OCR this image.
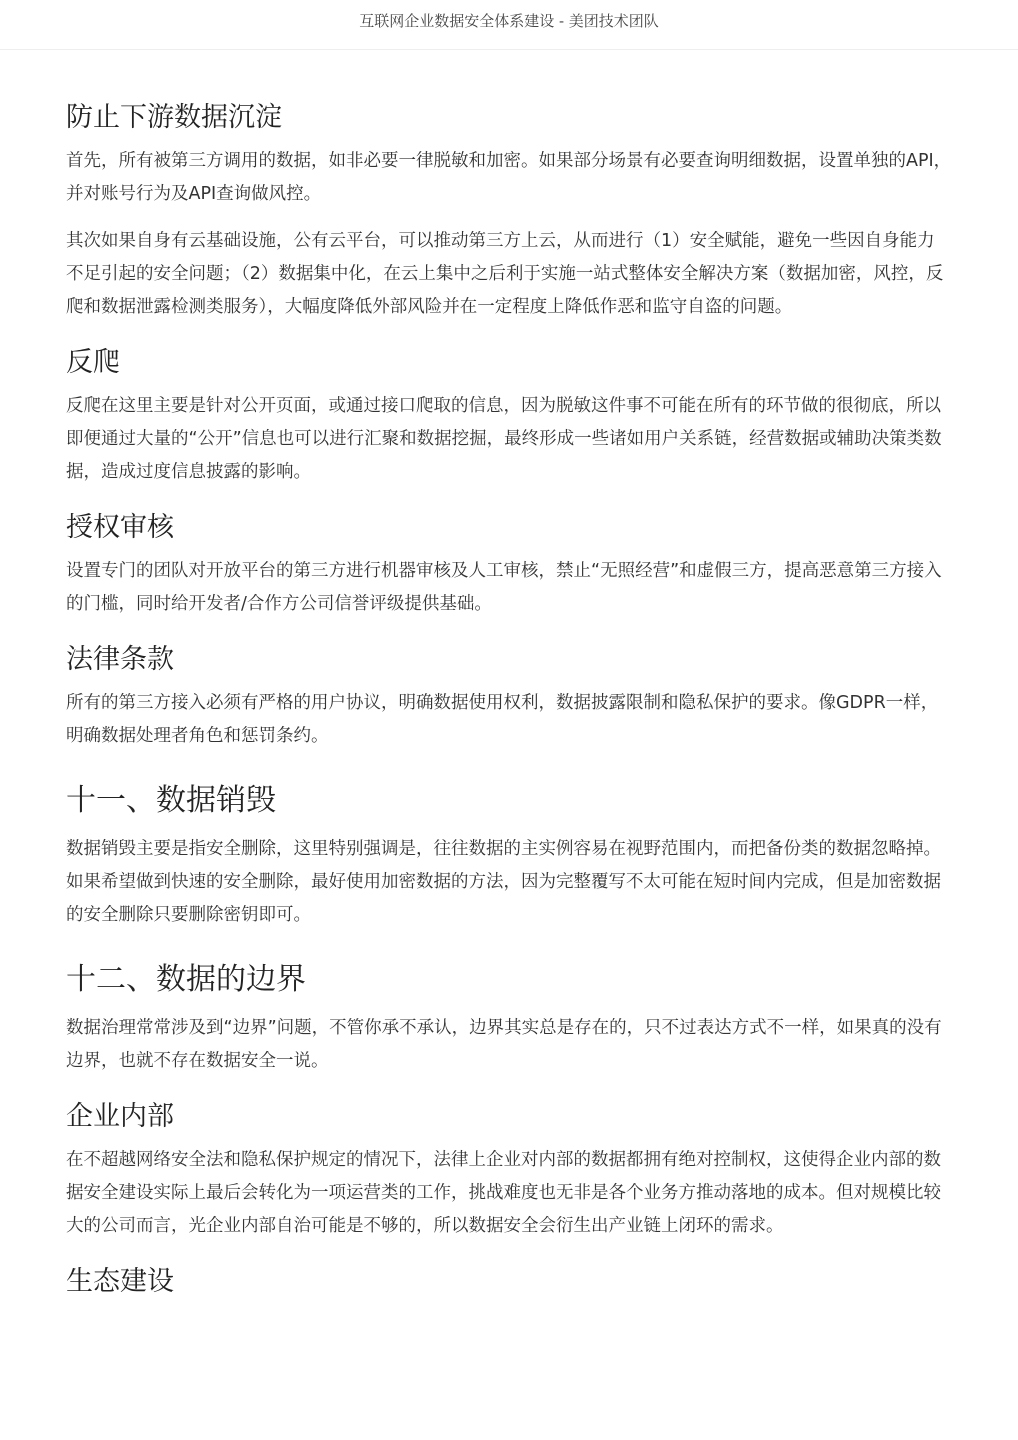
互联网企业数据安全体系建设 - 美团技术团队
防止下游数据沉淀

首先，所有被第三方调用的数据，如非必要一律脱敏和加密。如果部分场景有必要查询明细数据，设置单独的API，并对账号行为及API查询做风控。

其次如果自身有云基础设施，公有云平台，可以推动第三方上云，从而进行（1）安全赋能，避免一些因自身能力不足引起的安全问题；（2）数据集中化，在云上集中之后利于实施一站式整体安全解决方案（数据加密，风控，反爬和数据泄露检测类服务），大幅度降低外部风险并在一定程度上降低作恶和监守自盗的问题。

反爬

反爬在这里主要是针对公开页面，或通过接口爬取的信息，因为脱敏这件事不可能在所有的环节做的很彻底，所以即便通过大量的“公开”信息也可以进行汇聚和数据挖掘，最终形成一些诸如用户关系链，经营数据或辅助决策类数据，造成过度信息披露的影响。

授权审核

设置专门的团队对开放平台的第三方进行机器审核及人工审核，禁止“无照经营”和虚假三方，提高恶意第三方接入的门槛，同时给开发者/合作方公司信誉评级提供基础。

法律条款

所有的第三方接入必须有严格的用户协议，明确数据使用权利，数据披露限制和隐私保护的要求。像GDPR一样，明确数据处理者角色和惩罚条约。

十一、数据销毁

数据销毁主要是指安全删除，这里特别强调是，往往数据的主实例容易在视野范围内，而把备份类的数据忽略掉。 如果希望做到快速的安全删除，最好使用加密数据的方法，因为完整覆写不太可能在短时间内完成，但是加密数据的安全删除只要删除密钥即可。

十二、数据的边界

数据治理常常涉及到“边界”问题，不管你承不承认，边界其实总是存在的，只不过表达方式不一样，如果真的没有边界，也就不存在数据安全一说。

企业内部

在不超越网络安全法和隐私保护规定的情况下，法律上企业对内部的数据都拥有绝对控制权，这使得企业内部的数据安全建设实际上最后会转化为一项运营类的工作，挑战难度也无非是各个业务方推动落地的成本。但对规模比较大的公司而言，光企业内部自治可能是不够的，所以数据安全会衍生出产业链上闭环的需求。

生态建设
